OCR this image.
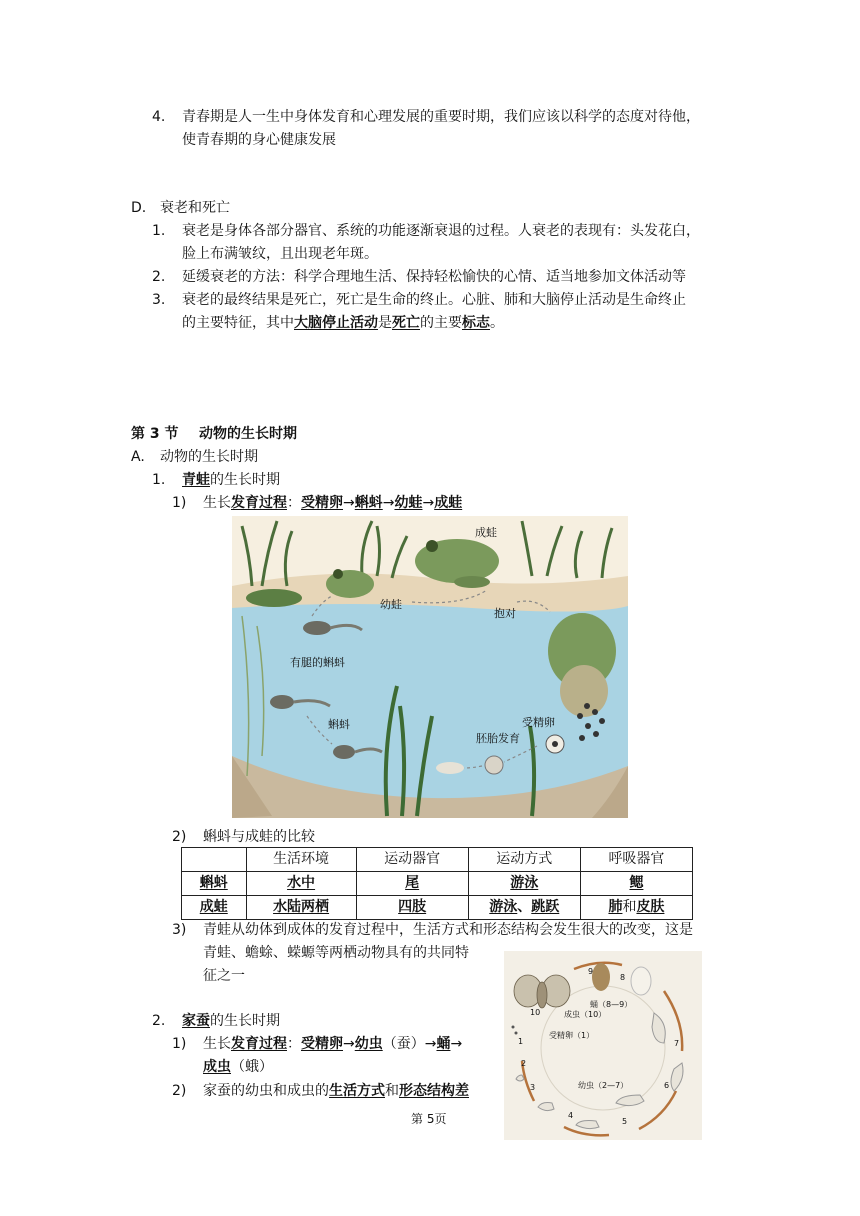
4. 青春期是人一生中身体发育和心理发展的重要时期，我们应该以科学的态度对待他，
使青春期的身心健康发展
D. 衰老和死亡
1. 衰老是身体各部分器官、系统的功能逐渐衰退的过程。人衰老的表现有：头发花白，
脸上布满皱纹，且出现老年斑。
2. 延缓衰老的方法：科学合理地生活、保持轻松愉快的心情、适当地参加文体活动等
3. 衰老的最终结果是死亡，死亡是生命的终止。心脏、肺和大脑停止活动是生命终止
的主要特征，其中大脑停止活动是死亡的主要标志。
第 3 节 动物的生长时期
A. 动物的生长时期
1. 青蛙的生长时期
1) 生长发育过程：受精卵→蝌蚪→幼蛙→成蛙
成蛙
幼蛙
抱对
有腿的蝌蚪
蝌蚪	受精卵
胚胎发育
2) 蝌蚪与成蛙的比较
	生活环境	运动器官	运动方式	呼吸器官
蝌蚪	水中	尾	游泳	鳃
成蛙	水陆两栖	四肢	游泳、跳跃	肺和皮肤
3) 青蛙从幼体到成体的发育过程中，生活方式和形态结构会发生很大的改变，这是
青蛙、蟾蜍、蝾螈等两栖动物具有的共同特
征之一
2. 家蚕的生长时期
1) 生长发育过程：受精卵→幼虫（蚕）→蛹→
成虫（蛾）
2) 家蚕的幼虫和成虫的生活方式和形态结构差
蛹（8—9）
成虫（10）
受精卵（1）
幼虫（2—7）
10
1
2
3
4
5
6
7
8
9
第 5页
